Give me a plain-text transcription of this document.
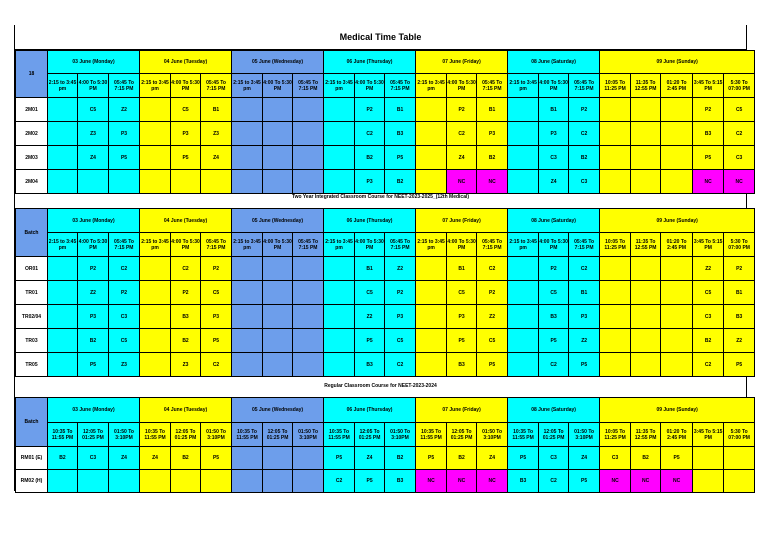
Medical Time Table
18	03 June (Monday)			04 June (Tuesday)			05 June (Wednesday)			06 June (Thursday)			07 June (Friday)			08 June (Saturday)			09 June (Sunday)				
	2:15 to 3:45 pm	4:00 To 5:30 PM	05:45 To 7:15 PM	2:15 to 3:45 pm	4:00 To 5:30 PM	05:45 To 7:15 PM	2:15 to 3:45 pm	4:00 To 5:30 PM	05:45 To 7:15 PM	2:15 to 3:45 pm	4:00 To 5:30 PM	05:45 To 7:15 PM	2:15 to 3:45 pm	4:00 To 5:30 PM	05:45 To 7:15 PM	2:15 to 3:45 pm	4:00 To 5:30 PM	05:45 To 7:15 PM	10:05 To 11:25 PM	11:35 To 12:55 PM	01:20 To 2:45 PM	3:45 To 5:15 PM	5:30 To 07:00 PM
2M01		C5	Z2		C5	B1					P2	B1		P2	B1		B1	P2				P2	C5
2M02		Z3	P3		P3	Z3					C2	B3		C2	P3		P3	C2				B3	C2
2M03		Z4	P5		P5	Z4					B2	P5		Z4	B2		C3	B2				P5	C3
2M04											P3	B2		NC	NC		Z4	C3				NC	NC
Two Year Integrated Classroom Course for NEET-2023-2025_(12th Medical)
Batch	03 June (Monday)			04 June (Tuesday)			05 June (Wednesday)			06 June (Thursday)			07 June (Friday)			08 June (Saturday)			09 June (Sunday)				
	2:15 to 3:45 pm	4:00 To 5:30 PM	05:45 To 7:15 PM	2:15 to 3:45 pm	4:00 To 5:30 PM	05:45 To 7:15 PM	2:15 to 3:45 pm	4:00 To 5:30 PM	05:45 To 7:15 PM	2:15 to 3:45 pm	4:00 To 5:30 PM	05:45 To 7:15 PM	2:15 to 3:45 pm	4:00 To 5:30 PM	05:45 To 7:15 PM	2:15 to 3:45 pm	4:00 To 5:30 PM	05:45 To 7:15 PM	10:05 To 11:25 PM	11:35 To 12:55 PM	01:20 To 2:45 PM	3:45 To 5:15 PM	5:30 To 07:00 PM
OR01		P2	C2		C2	P2					B1	Z2		B1	C2		P2	C2				Z2	P2
TR01		Z2	P2		P2	C5					C5	P2		C5	P2		C5	B1				C5	B1
TR02/04		P3	C3		B3	P3					Z2	P3		P3	Z2		B3	P3				C3	B3
TR03		B2	C5		B2	P5					P5	C5		P5	C5		P5	Z2				B2	Z2
TR05		P5	Z3		Z3	C2					B3	C2		B3	P5		C2	P5				C2	P5
Regular Classroom Course for NEET-2023-2024
Batch	03 June (Monday)			04 June (Tuesday)			05 June (Wednesday)			06 June (Thursday)			07 June (Friday)			08 June (Saturday)			09 June (Sunday)				
	10:35 To 11:55 PM	12:05 To 01:25 PM	01:50 To 3:10PM	10:35 To 11:55 PM	12:05 To 01:25 PM	01:50 To 3:10PM	10:35 To 11:55 PM	12:05 To 01:25 PM	01:50 To 3:10PM	10:35 To 11:55 PM	12:05 To 01:25 PM	01:50 To 3:10PM	10:35 To 11:55 PM	12:05 To 01:25 PM	01:50 To 3:10PM	10:35 To 11:55 PM	12:05 To 01:25 PM	01:50 To 3:10PM	10:05 To 11:25 PM	11:35 To 12:55 PM	01:20 To 2:45 PM	3:45 To 5:15 PM	5:30 To 07:00 PM
RM01 (E)	B2	C3	Z4	Z4	B2	P5				P5	Z4	B2	P5	B2	Z4	P5	C3	Z4	C3	B2	P5		
RM02 (H)										C2	P5	B3	NC	NC	NC	B3	C2	P5	NC	NC	NC		
